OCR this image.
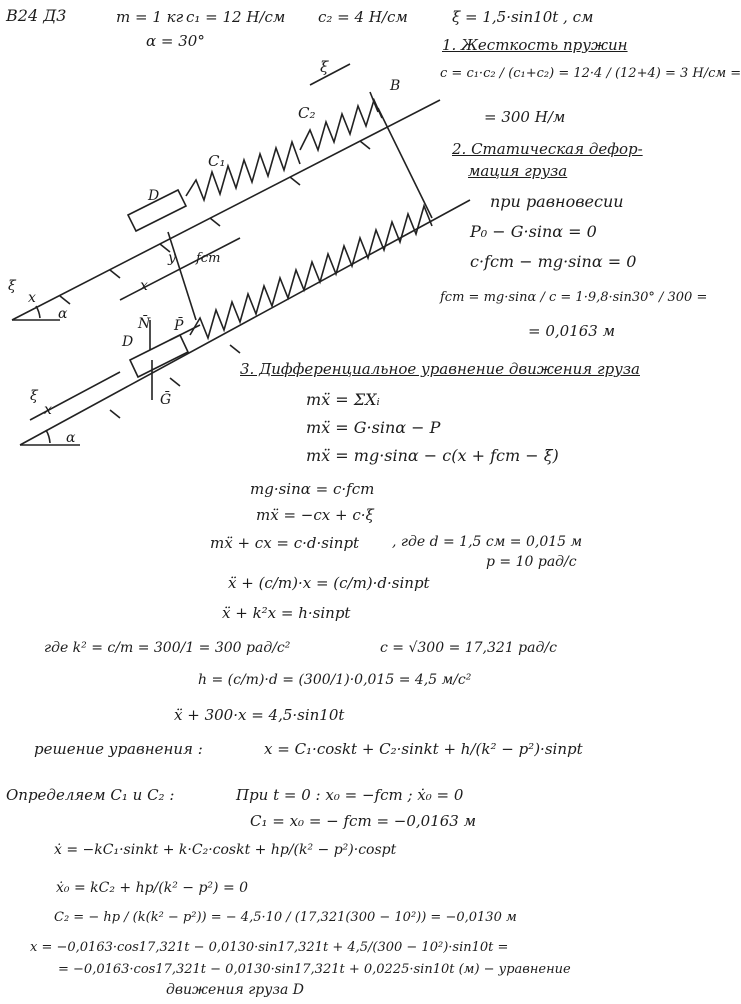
C₁
C₂
ξ
B
D
fст
x
y
D
N̄ P̄
Ḡ
α
α
ξ
x
ξ
x
В24 Д3	m = 1 кг c₁ = 12 Н/см c₂ = 4 Н/см	ξ = 1,5·sin10t , см
α = 30°	1. Жесткость пружин
c = c₁·c₂ / (c₁+c₂) = 12·4 / (12+4) = 3 Н/см =
= 300 Н/м
2. Статическая дефор-
мация груза
при равновесии
P₀ − G·sinα = 0
c·fст − mg·sinα = 0
fст = mg·sinα / c = 1·9,8·sin30° / 300 =
= 0,0163 м
3. Дифференциальное уравнение движения груза
mẍ = ΣXᵢ
mẍ = G·sinα − P
mẍ = mg·sinα − c(x + fст − ξ)
mg·sinα = c·fст
mẍ = −cx + c·ξ
mẍ + cx = c·d·sinpt , где d = 1,5 см = 0,015 м
p = 10 рад/с
ẍ + (c/m)·x = (c/m)·d·sinpt
ẍ + k²x = h·sinpt
где k² = c/m = 300/1 = 300 рад/с²	c = √300 = 17,321 рад/с
h = (c/m)·d = (300/1)·0,015 = 4,5 м/с²
ẍ + 300·x = 4,5·sin10t
решение уравнения :	x = C₁·coskt + C₂·sinkt + h/(k² − p²)·sinpt
Определяем C₁ и C₂ :	При t = 0 : x₀ = −fст ; ẋ₀ = 0
C₁ = x₀ = − fст = −0,0163 м
ẋ = −kC₁·sinkt + k·C₂·coskt + hp/(k² − p²)·cospt
ẋ₀ = kC₂ + hp/(k² − p²) = 0
C₂ = − hp / (k(k² − p²)) = − 4,5·10 / (17,321(300 − 10²)) = −0,0130 м
x = −0,0163·cos17,321t − 0,0130·sin17,321t + 4,5/(300 − 10²)·sin10t =
= −0,0163·cos17,321t − 0,0130·sin17,321t + 0,0225·sin10t (м) − уравнение
движения груза D
